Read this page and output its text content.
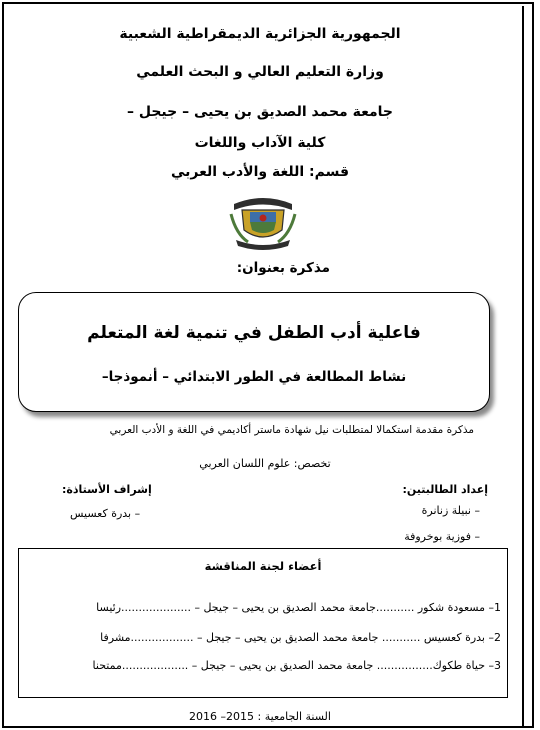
الجمهورية الجزائرية الديمقراطية الشعبية
وزارة التعليم العالي و البحث العلمي
جامعة محمد الصديق بن يحيى – جيجل –
كلية الآداب واللغات
قسم: اللغة والأدب العربي
مذكرة بعنوان:
فاعلية أدب الطفل في تنمية لغة المتعلم
نشاط المطالعة في الطور الابتدائي – أنموذجا–
مذكرة مقدمة استكمالا لمتطلبات نيل شهادة ماستر أكاديمي في اللغة و الأدب العربي
تخصص: علوم اللسان العربي
إعداد الطالبتين:
– نبيلة زنانرة
– فوزية بوخروفة
إشراف الأستاذة:
– بدرة كعسيس
أعضاء لجنة المناقشة
1– مسعودة شكور ...........جامعة محمد الصديق بن يحيى – جيجل – ....................رئيسا
2– بدرة كعسيس ........... جامعة محمد الصديق بن يحيى – جيجل – ..................مشرفا
3– حياة طكوك................ جامعة محمد الصديق بن يحيى – جيجل – ...................ممتحنا
السنة الجامعية : 2015– 2016
